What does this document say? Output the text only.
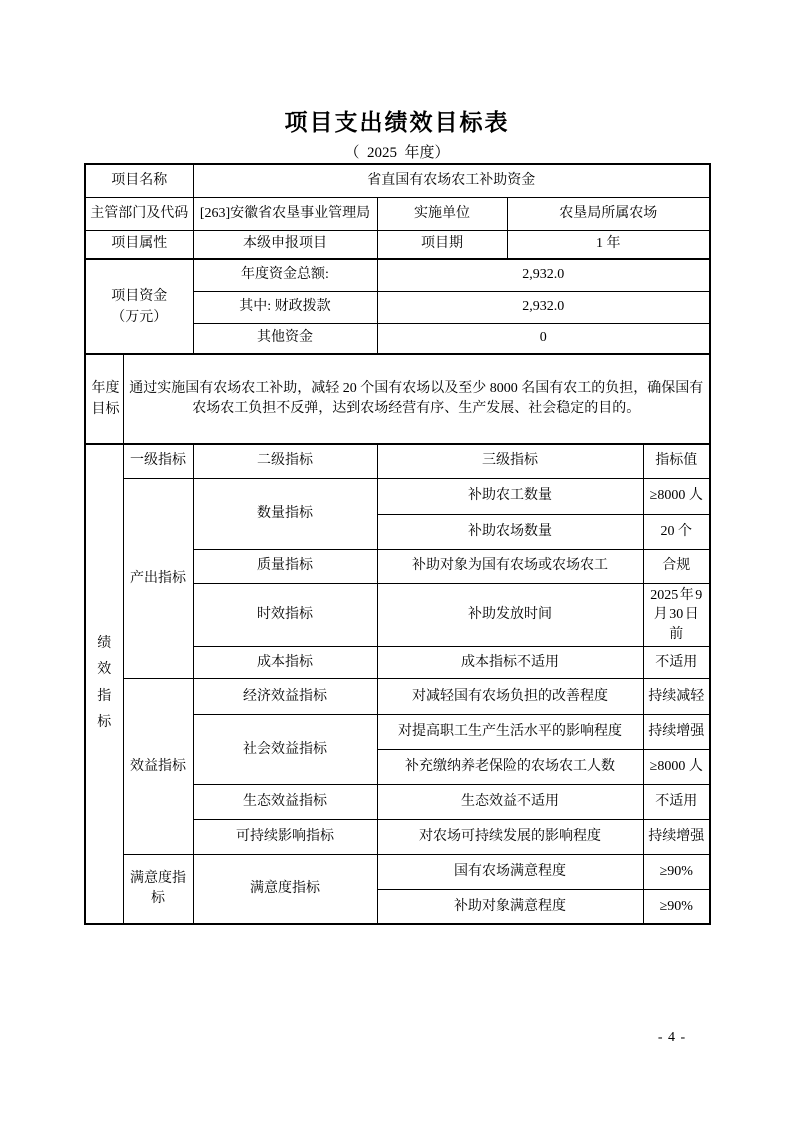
项目支出绩效目标表
（  2025  年度）
项目名称		省直国有农场农工补助资金			
主管部门及代码		[263]安徽省农垦事业管理局	实施单位	农垦局所属农场	
项目属性		本级申报项目	项目期	1 年	
项目资金（万元）		年度资金总额:	2,932.0		
		其中: 财政拨款	2,932.0		
		其他资金	0		
年度目标	通过实施国有农场农工补助，减轻 20 个国有农场以及至少 8000 名国有农工的负担，确保国有农场农工负担不反弹，达到农场经营有序、生产发展、社会稳定的目的。				
绩效指标	一级指标	二级指标	三级指标		指标值
	产出指标	数量指标	补助农工数量		≥8000 人
			补助农场数量		20 个
		质量指标	补助对象为国有农场或农场农工		合规
		时效指标	补助发放时间		2025 年 9 月 30 日前
		成本指标	成本指标不适用		不适用
	效益指标	经济效益指标	对减轻国有农场负担的改善程度		持续减轻
		社会效益指标	对提高职工生产生活水平的影响程度		持续增强
			补充缴纳养老保险的农场农工人数		≥8000 人
		生态效益指标	生态效益不适用		不适用
		可持续影响指标	对农场可持续发展的影响程度		持续增强
	满意度指标	满意度指标	国有农场满意程度		≥90%
			补助对象满意程度		≥90%
- 4 -
